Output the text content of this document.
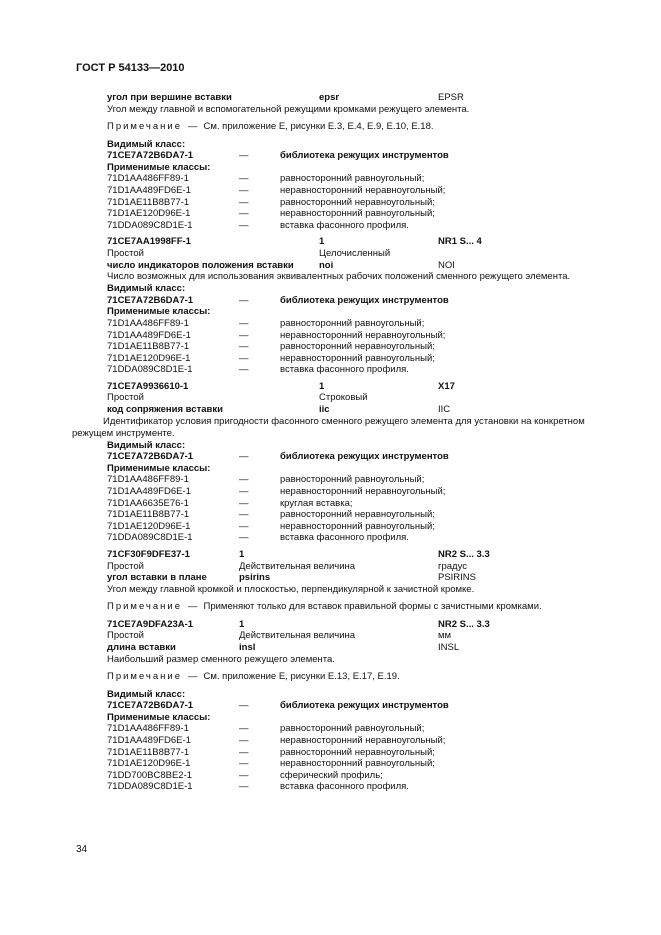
ГОСТ Р 54133—2010
угол при вершине вставки	epsr	EPSR
Угол между главной и вспомогательной режущими кромками режущего элемента.
Примечание — См. приложение Е, рисунки Е.3, Е.4, Е.9, Е.10, Е.18.
Видимый класс:
71CE7A72B6DA7-1	—	библиотека режущих инструментов
Применимые классы:
71D1AA486FF89-1	—	равносторонний равноугольный;
71D1AA489FD6E-1	—	неравносторонний неравноугольный;
71D1AE11B8B77-1	—	равносторонний неравноугольный;
71D1AE120D96E-1	—	неравносторонний равноугольный;
71DDA089C8D1E-1	—	вставка фасонного профиля.
71CE7AA1998FF-1	1	NR1 S... 4
Простой	Целочисленный
число индикаторов положения вставки	noi	NOI
Число возможных для использования эквивалентных рабочих положений сменного режущего элемента.
Видимый класс:
71CE7A72B6DA7-1	—	библиотека режущих инструментов
Применимые классы:
71D1AA486FF89-1	—	равносторонний равноугольный;
71D1AA489FD6E-1	—	неравносторонний неравноугольный;
71D1AE11B8B77-1	—	равносторонний неравноугольный;
71D1AE120D96E-1	—	неравносторонний равноугольный;
71DDA089C8D1E-1	—	вставка фасонного профиля.
71CE7A9936610-1	1	X17
Простой	Строковый
код сопряжения вставки	iic	IIC
Идентификатор условия пригодности фасонного сменного режущего элемента для установки на конкретном режущем инструменте.
Видимый класс:
71CE7A72B6DA7-1	—	библиотека режущих инструментов
Применимые классы:
71D1AA486FF89-1	—	равносторонний равноугольный;
71D1AA489FD6E-1	—	неравносторонний неравноугольный;
71D1AA6635E76-1	—	круглая вставка;
71D1AE11B8B77-1	—	равносторонний неравноугольный;
71D1AE120D96E-1	—	неравносторонний равноугольный;
71DDA089C8D1E-1	—	вставка фасонного профиля.
71CF30F9DFE37-1	1	NR2 S... 3.3
Простой	Действительная величина	градус
угол вставки в плане	psirins	PSIRINS
Угол между главной кромкой и плоскостью, перпендикулярной к зачистной кромке.
Примечание — Применяют только для вставок правильной формы с зачистными кромками.
71CE7A9DFA23A-1	1	NR2 S... 3.3
Простой	Действительная величина	мм
длина вставки	insl	INSL
Наибольший размер сменного режущего элемента.
Примечание — См. приложение Е, рисунки Е.13, Е.17, Е.19.
Видимый класс:
71CE7A72B6DA7-1	—	библиотека режущих инструментов
Применимые классы:
71D1AA486FF89-1	—	равносторонний равноугольный;
71D1AA489FD6E-1	—	неравносторонний неравноугольный;
71D1AE11B8B77-1	—	равносторонний неравноугольный;
71D1AE120D96E-1	—	неравносторонний равноугольный;
71DD700BC8BE2-1	—	сферический профиль;
71DDA089C8D1E-1	—	вставка фасонного профиля.
34
